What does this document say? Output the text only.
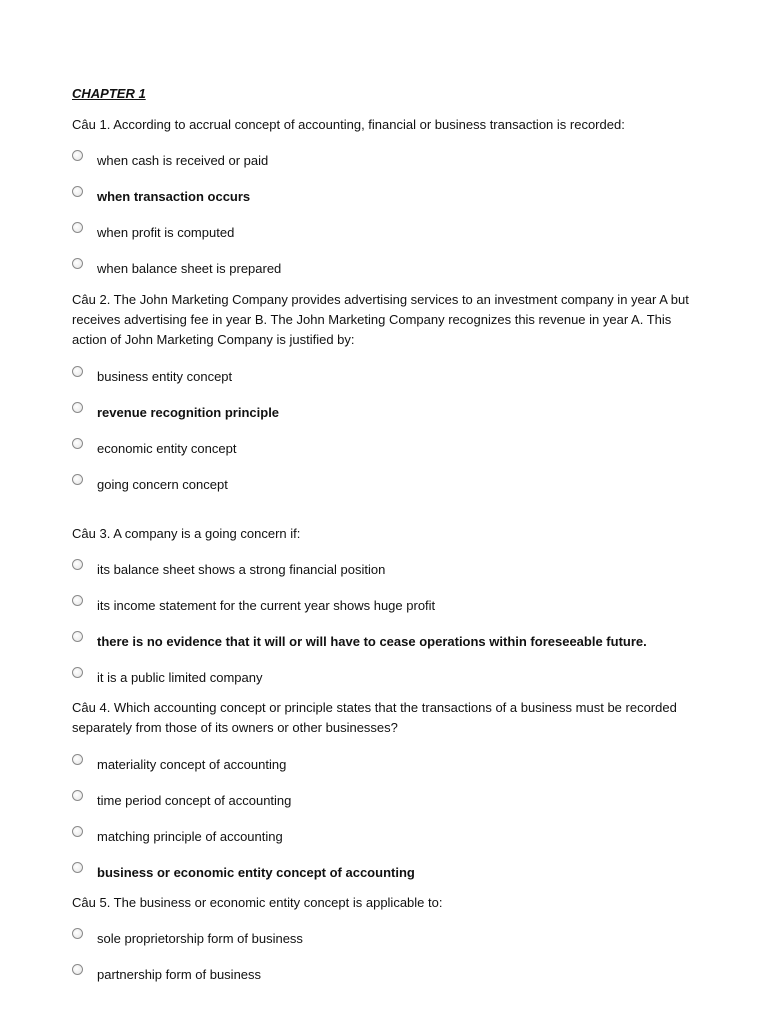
CHAPTER 1
Câu 1. According to accrual concept of accounting, financial or business transaction is recorded:
when cash is received or paid
when transaction occurs
when profit is computed
when balance sheet is prepared
Câu 2. The John Marketing Company provides advertising services to an investment company in year A but receives advertising fee in year B. The John Marketing Company recognizes this revenue in year A. This action of John Marketing Company is justified by:
business entity concept
revenue recognition principle
economic entity concept
going concern concept
Câu 3. A company is a going concern if:
its balance sheet shows a strong financial position
its income statement for the current year shows huge profit
there is no evidence that it will or will have to cease operations within foreseeable future.
it is a public limited company
Câu 4. Which accounting concept or principle states that the transactions of a business must be recorded separately from those of its owners or other businesses?
materiality concept of accounting
time period concept of accounting
matching principle of accounting
business or economic entity concept of accounting
Câu 5. The business or economic entity concept is applicable to:
sole proprietorship form of business
partnership form of business
